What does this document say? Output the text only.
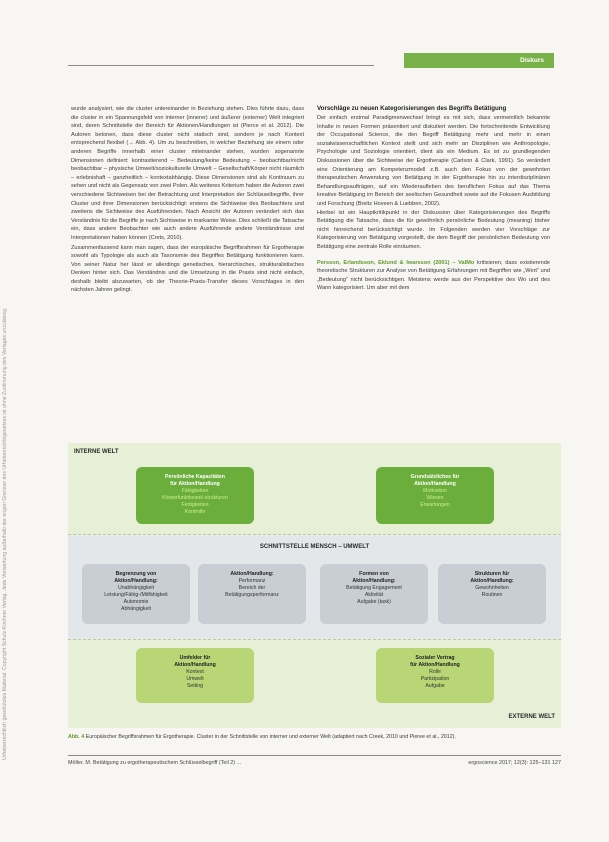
Urheberrechtlich geschütztes Material. Copyright Schulz-Kirchner Verlag. Jede Verwertung außerhalb der engen Grenzen des Urheberrechtsgesetzes ist ohne Zustimmung des Verlages unzulässig.
Diskurs

wurde analysiert, wie die cluster untereinander in Beziehung stehen. Dies führte dazu, dass die cluster in ein Spannungsfeld von interner (innerer) und äußerer (externer) Welt integriert sind, deren Schnittstelle der Bereich für Aktionen/Handlungen ist (Pierce et al. 2012). Die Autoren betonen, dass diese cluster nicht statisch sind, sondern je nach Kontext entsprechend flexibel (→ Abb. 4). Um zu beschreiben, in welcher Beziehung sie einem oder anderen Begriffe innerhalb einer cluster miteinander stehen, wurden sogenannte Dimensionen definiert: kontrastierend – Bedeutung/keine Bedeutung – beobachtbar/nicht beobachtbar – physische Umwelt/soziokulturelle Umwelt – Gesellschaft/Körper nicht räumlich – erlebnishaft – ganzheitlich – kontextabhängig. Diese Dimensionen sind als Kontinuum zu sehen und nicht als Gegensatz von zwei Polen. Als weiteres Kriterium haben die Autoren zwei verschiedene Sichtweisen bei der Betrachtung und Interpretation der Schlüsselbegriffe, ihrer Cluster und ihrer Dimensionen berücksichtigt: erstens die Sichtweise des Beobachters und zweitens die Sichtweise des Ausführenden. Nach Ansicht der Autoren verändert sich das Verständnis für die Begriffe je nach Sichtweise in markanter Weise. Dies schließt die Tatsache ein, dass andere Beobachter wie auch andere Ausführende andere Verständnisse und Interpretationen haben können (Crets, 2010).

Zusammenfassend kann man sagen, dass der europäische Begriffsrahmen für Ergotherapie sowohl als Typologie als auch als Taxonomie des Begriffes Betätigung funktionieren kann. Von seiner Natur her lässt er allerdings genetisches, hierarchisches, strukturalistisches Denken hinter sich. Das Verständnis und die Umsetzung in die Praxis sind nicht einfach, deshalb bleibt abzuwarten, ob der Theorie-Praxis-Transfer dieses Vorschlages in den nächsten Jahren gelingt.

Vorschläge zu neuen Kategorisierungen des Begriffs Betätigung

Der einfach erstmal Paradigmenwechsel bringt es mit sich, dass vermeintlich bekannte Inhalte in neuen Formen präsentiert und diskutiert werden. Die fortschreitende Entwicklung der Occupational Science, die den Begriff Betätigung mehr und mehr in einen sozialwissenschaftlichen Kontext stellt und sich mehr an Disziplinen wie Anthropologie, Psychologie und Soziologie orientiert, dient als ein Medium. Es ist zu grundlegenden Diskussionen über die Sichtweise der Ergotherapie (Carlson & Clark, 1991). So verändert eine Orientierung am Kompetenzmodell z.B. auch den Fokus von der gewohnten therapeutischen Anwendung von Betätigung in der Ergotherapie hin zu interdisziplinären Behandlungsaufträgen, auf ein Wiederaufleben des beruflichen Fokus auf das Thema kreative Betätigung im Bereich der seelischen Gesundheit sowie auf die Fokusen Ausbildung und Forschung (Breitz Hoveen & Luebben, 2002).

Hierbei ist ein Hauptkritikpunkt in der Diskussion über Kategorisierungen des Begriffs Betätigung die Tatsache, dass die für gewöhnlich persönliche Bedeutung (meaning) bisher nicht hinreichend berücksichtigt wurde. Im Folgenden werden vier Vorschläge zur Kategorisierung von Betätigung vorgestellt, die dem Begriff der persönlichen Bedeutung von Betätigung eine zentrale Rolle einräumen.

Persson, Erlandsson, Eklund & Iwarsson (2001) – ValMo kritisieren, dass existierende theoretische Strukturen zur Analyse von Betätigung Erfahrungen mit Begriffen wie „Wert“ und „Bedeutung“ nicht berücksichtigen. Meistens werde aus der Perspektive des Wo und des Wann kategorisiert. Um aber mit dem

INTERNE WELT
Persönliche Kapazitäten
für Aktion/Handlung
Fähigkeiten
Körperfunktionen/-strukturen
Fertigkeiten
Kontrolle
Grundsätzliches für
Aktion/Handlung
Motivation
Wissen
Erwartungen
SCHNITTSTELLE MENSCH – UMWELT
Begrenzung von
Aktion/Handlung:
Unabhängigkeit
Leistung/Fähig-/Mitfähigkeit
Autonomie
Abhängigkeit
Aktion/Handlung:
Performanz
Bereich der
Betätigungsperformanz
Formen von
Aktion/Handlung:
Betätigung Engagement
Aktivität
Aufgabe (task)
Strukturen für
Aktion/Handlung:
Gewohnheiten
Routinen
Umfelder für
Aktion/Handlung
Kontext
Umwelt
Setting
Sozialer Vertrag
für Aktion/Handlung
Rolle
Partizipation
Aufgabe
EXTERNE WELT
Abb. 4 Europäischer Begriffsrahmen für Ergotherapie. Cluster in der Schnittstelle von interner und externer Welt (adaptiert nach Creek, 2010 und Pieree et al., 2012).
Möller, M. Betätigung zu ergotherapeutischem Schlüsselbegriff (Teil 2) ...	ergoscience 2017; 12(3): 125–131 127
